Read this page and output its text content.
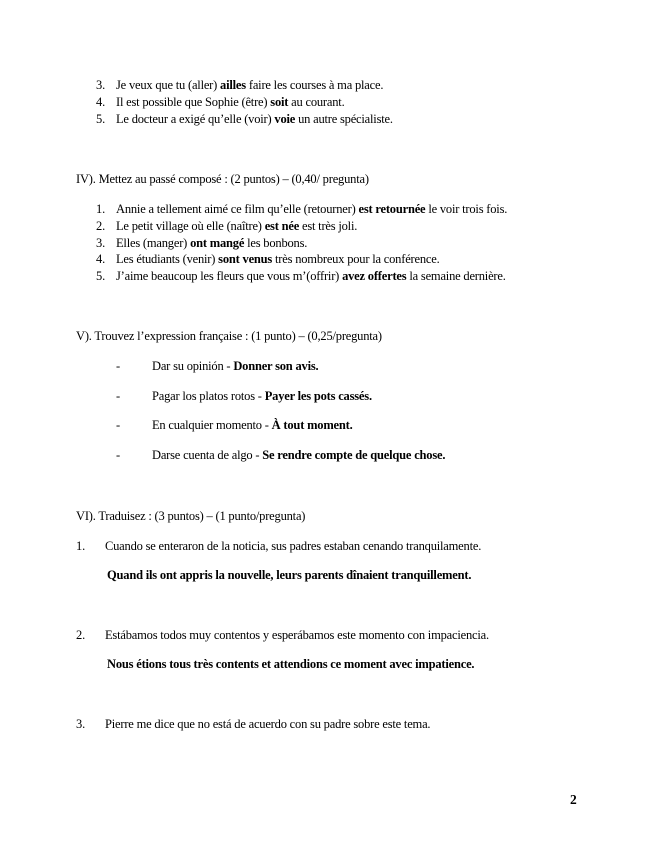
3. Je veux que tu (aller) ailles faire les courses à ma place.
4. Il est possible que Sophie (être) soit au courant.
5. Le docteur a exigé qu’elle (voir) voie un autre spécialiste.
IV). Mettez au passé composé : (2 puntos) – (0,40/ pregunta)
1. Annie a tellement aimé ce film qu’elle (retourner) est retournée le voir trois fois.
2. Le petit village où elle (naître) est née est très joli.
3. Elles (manger) ont mangé les bonbons.
4. Les étudiants (venir) sont venus très nombreux pour la conférence.
5. J’aime beaucoup les fleurs que vous m’(offrir) avez offertes la semaine dernière.
V). Trouvez l’expression française : (1 punto) – (0,25/pregunta)
-	Dar su opinión - Donner son avis.
-	Pagar los platos rotos - Payer les pots cassés.
-	En cualquier momento - À tout moment.
-	Darse cuenta de algo - Se rendre compte de quelque chose.
VI). Traduisez : (3 puntos) – (1 punto/pregunta)
1. Cuando se enteraron de la noticia, sus padres estaban cenando tranquilamente.
Quand ils ont appris la nouvelle, leurs parents dînaient tranquillement.
2. Estábamos todos muy contentos y esperábamos este momento con impaciencia.
Nous étions tous très contents et attendions ce moment avec impatience.
3. Pierre me dice que no está de acuerdo con su padre sobre este tema.
2
